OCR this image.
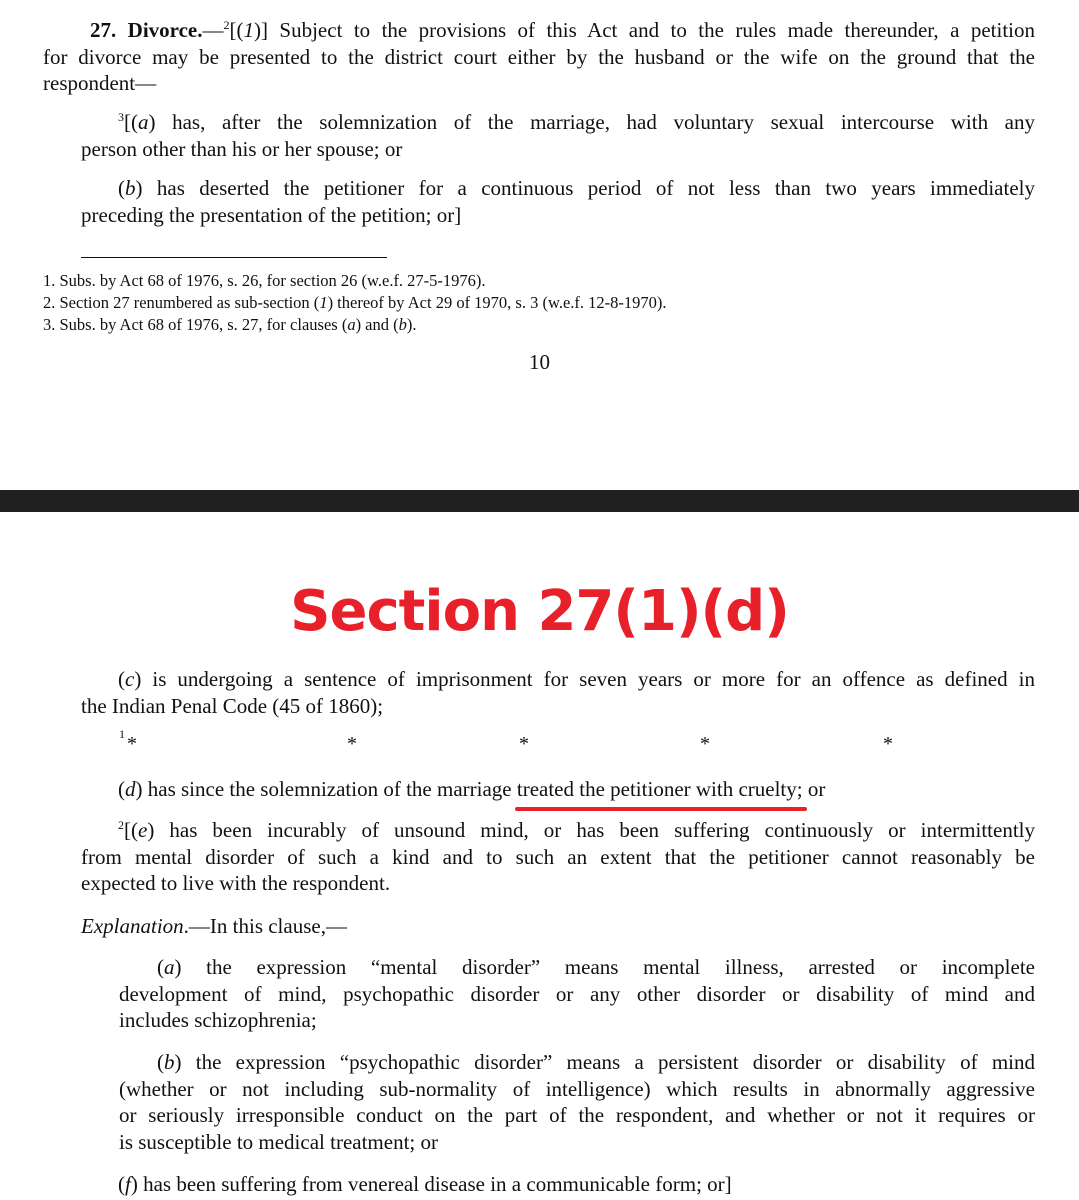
27. Divorce.—$^2$[(1)] Subject to the provisions of this Act and to the rules made thereunder, a petition
for divorce may be presented to the district court either by the husband or the wife on the ground that the
respondent—

$^3$[(a) has, after the solemnization of the marriage, had voluntary sexual intercourse with any
person other than his or her spouse; or

(b) has deserted the petitioner for a continuous period of not less than two years immediately
preceding the presentation of the petition; or]

1. Subs. by Act 68 of 1976, s. 26, for section 26 (w.e.f. 27-5-1976).

2. Section 27 renumbered as sub-section (1) thereof by Act 29 of 1970, s. 3 (w.e.f. 12-8-1970).

3. Subs. by Act 68 of 1976, s. 27, for clauses (a) and (b).

10

Section 27(1)(d)

(c) is undergoing a sentence of imprisonment for seven years or more for an offence as defined in
the Indian Penal Code (45 of 1860);

1 *	*	*	*	*

(d) has since the solemnization of the marriage treated the petitioner with cruelty; or

$^2$[(e) has been incurably of unsound mind, or has been suffering continuously or intermittently
from mental disorder of such a kind and to such an extent that the petitioner cannot reasonably be
expected to live with the respondent.

Explanation.—In this clause,—

(a) the expression “mental disorder” means mental illness, arrested or incomplete
development of mind, psychopathic disorder or any other disorder or disability of mind and
includes schizophrenia;

(b) the expression “psychopathic disorder” means a persistent disorder or disability of mind
(whether or not including sub-normality of intelligence) which results in abnormally aggressive
or seriously irresponsible conduct on the part of the respondent, and whether or not it requires or
is susceptible to medical treatment; or

(f) has been suffering from venereal disease in a communicable form; or]
